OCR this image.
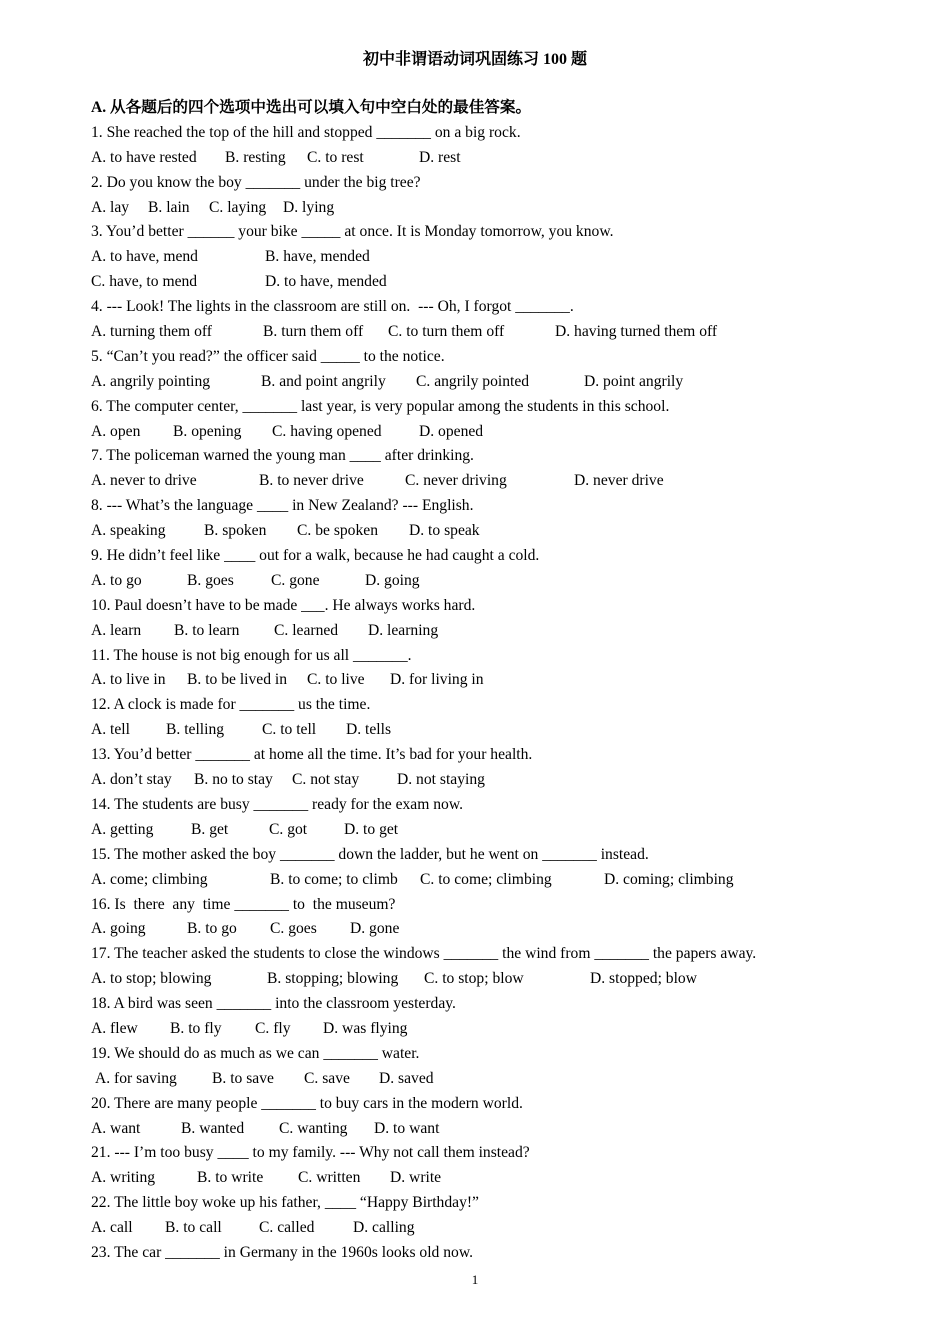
初中非谓语动词巩固练习 100 题
A. 从各题后的四个选项中选出可以填入句中空白处的最佳答案。
1. She reached the top of the hill and stopped _______ on a big rock.
A. to have rested B. resting C. to rest	D. rest
2. Do you know the boy _______ under the big tree?
A. lay B. lain C. laying D. lying
3. You’d better ______ your bike _____ at once. It is Monday tomorrow, you know.
A. to have, mend	B. have, mended
C. have, to mend	D. to have, mended
4. --- Look! The lights in the classroom are still on.  --- Oh, I forgot _______.
A. turning them off	B. turn them off C. to turn them off	D. having turned them off
5. “Can’t you read?” the officer said _____ to the notice.
A. angrily pointing	B. and point angrily C. angrily pointed	D. point angrily
6. The computer center, _______ last year, is very popular among the students in this school.
A. open B. opening C. having opened D. opened
7. The policeman warned the young man ____ after drinking.
A. never to drive	B. to never drive	C. never driving	D. never drive
8. --- What’s the language ____ in New Zealand? --- English.
A. speaking B. spoken C. be spoken D. to speak
9. He didn’t feel like ____ out for a walk, because he had caught a cold.
A. to go	B. goes C. gone	D. going
10. Paul doesn’t have to be made ___. He always works hard.
A. learn B. to learn C. learned D. learning
11. The house is not big enough for us all _______.
A. to live in B. to be lived in C. to live D. for living in
12. A clock is made for _______ us the time.
A. tell B. telling C. to tell D. tells
13. You’d better _______ at home all the time. It’s bad for your health.
A. don’t stay B. no to stay C. not stay D. not staying
14. The students are busy _______ ready for the exam now.
A. getting B. get	C. got D. to get
15. The mother asked the boy _______ down the ladder, but he went on _______ instead.
A. come; climbing	B. to come; to climb C. to come; climbing	D. coming; climbing
16. Is  there  any  time _______ to  the museum?
A. going	B. to go C. goes D. gone
17. The teacher asked the students to close the windows _______ the wind from _______ the papers away.
A. to stop; blowing	B. stopping; blowing C. to stop; blow	D. stopped; blow
18. A bird was seen _______ into the classroom yesterday.
A. flew B. to fly C. fly D. was flying
19. We should do as much as we can _______ water.
A. for saving B. to save C. save D. saved
20. There are many people _______ to buy cars in the modern world.
A. want	B. wanted C. wanting D. to want
21. --- I’m too busy ____ to my family. --- Why not call them instead?
A. writing	B. to write C. written D. write
22. The little boy woke up his father, ____ “Happy Birthday!”
A. call B. to call C. called D. calling
23. The car _______ in Germany in the 1960s looks old now.
1
